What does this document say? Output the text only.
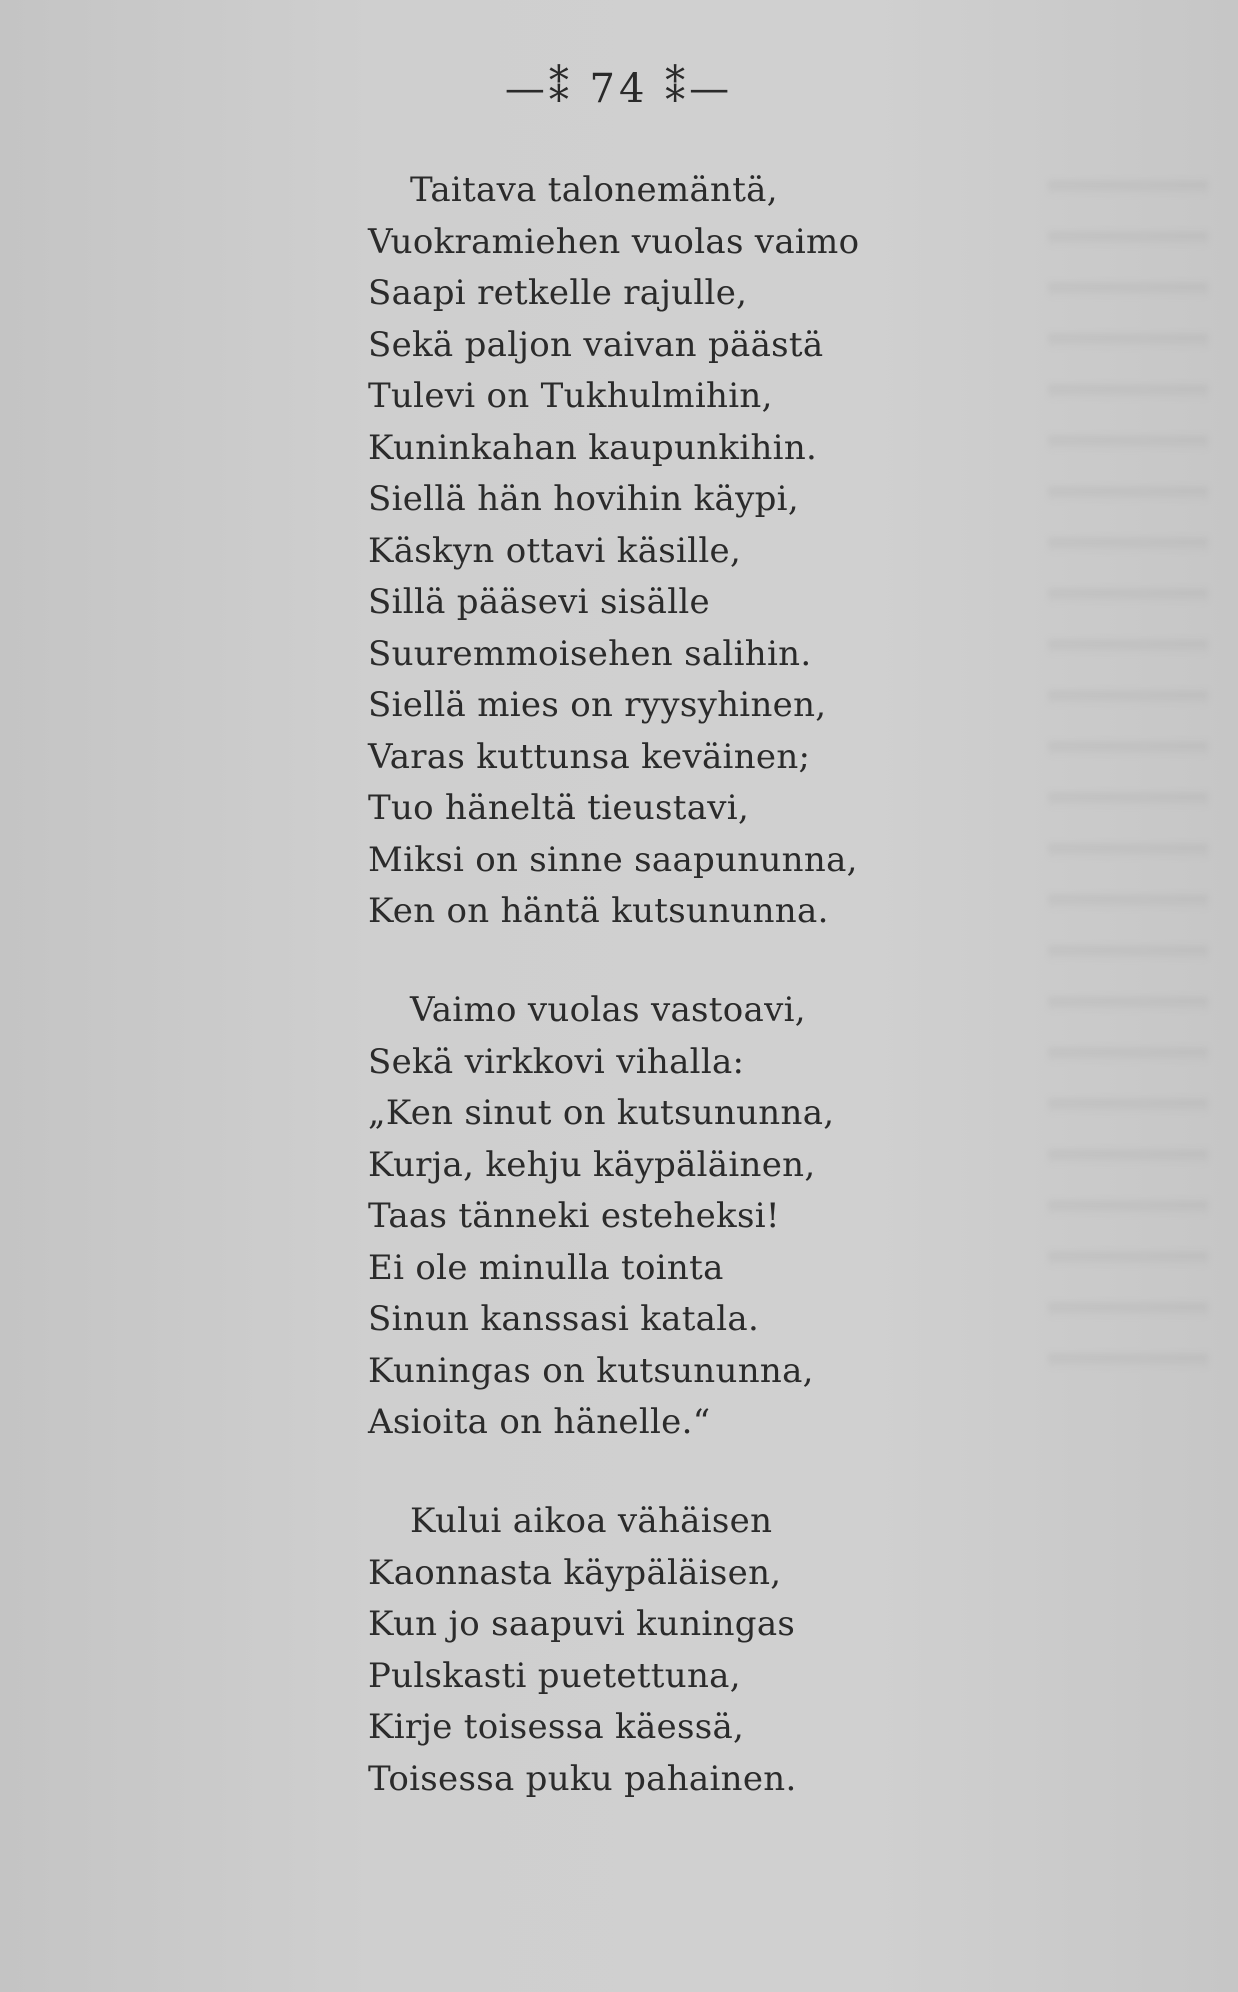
—⁑ 74 ⁑—
Taitava talonemäntä,
Vuokramiehen vuolas vaimo
Saapi retkelle rajulle,
Sekä paljon vaivan päästä
Tulevi on Tukhulmihin,
Kuninkahan kaupunkihin.
Siellä hän hovihin käypi,
Käskyn ottavi käsille,
Sillä pääsevi sisälle
Suuremmoisehen salihin.
Siellä mies on ryysyhinen,
Varas kuttunsa keväinen;
Tuo häneltä tieustavi,
Miksi on sinne saapununna,
Ken on häntä kutsununna.
Vaimo vuolas vastoavi,
Sekä virkkovi vihalla:
„Ken sinut on kutsununna,
Kurja, kehju käypäläinen,
Taas tänneki esteheksi!
Ei ole minulla tointa
Sinun kanssasi katala.
Kuningas on kutsununna,
Asioita on hänelle.“
Kului aikoa vähäisen
Kaonnasta käypäläisen,
Kun jo saapuvi kuningas
Pulskasti puetettuna,
Kirje toisessa käessä,
Toisessa puku pahainen.
